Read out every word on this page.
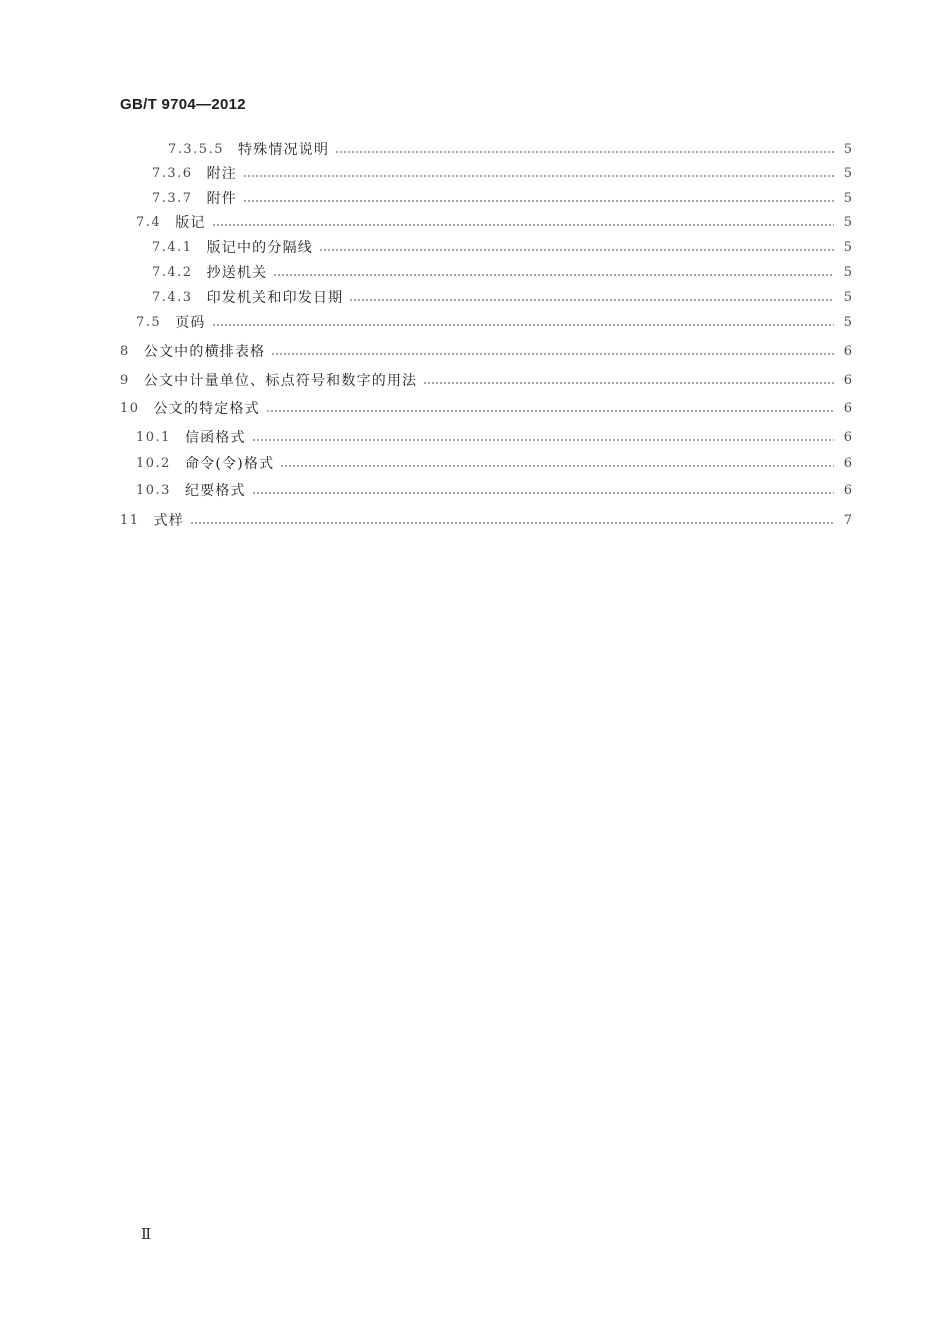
GB/T 9704—2012
7.3.5.5 特殊情况说明	5
7.3.6 附注	5
7.3.7 附件	5
7.4 版记	5
7.4.1 版记中的分隔线	5
7.4.2 抄送机关	5
7.4.3 印发机关和印发日期	5
7.5 页码	5
8 公文中的横排表格	6
9 公文中计量单位、标点符号和数字的用法	6
10 公文的特定格式	6
10.1 信函格式	6
10.2 命令(令)格式	6
10.3 纪要格式	6
11 式样	7
Ⅱ
